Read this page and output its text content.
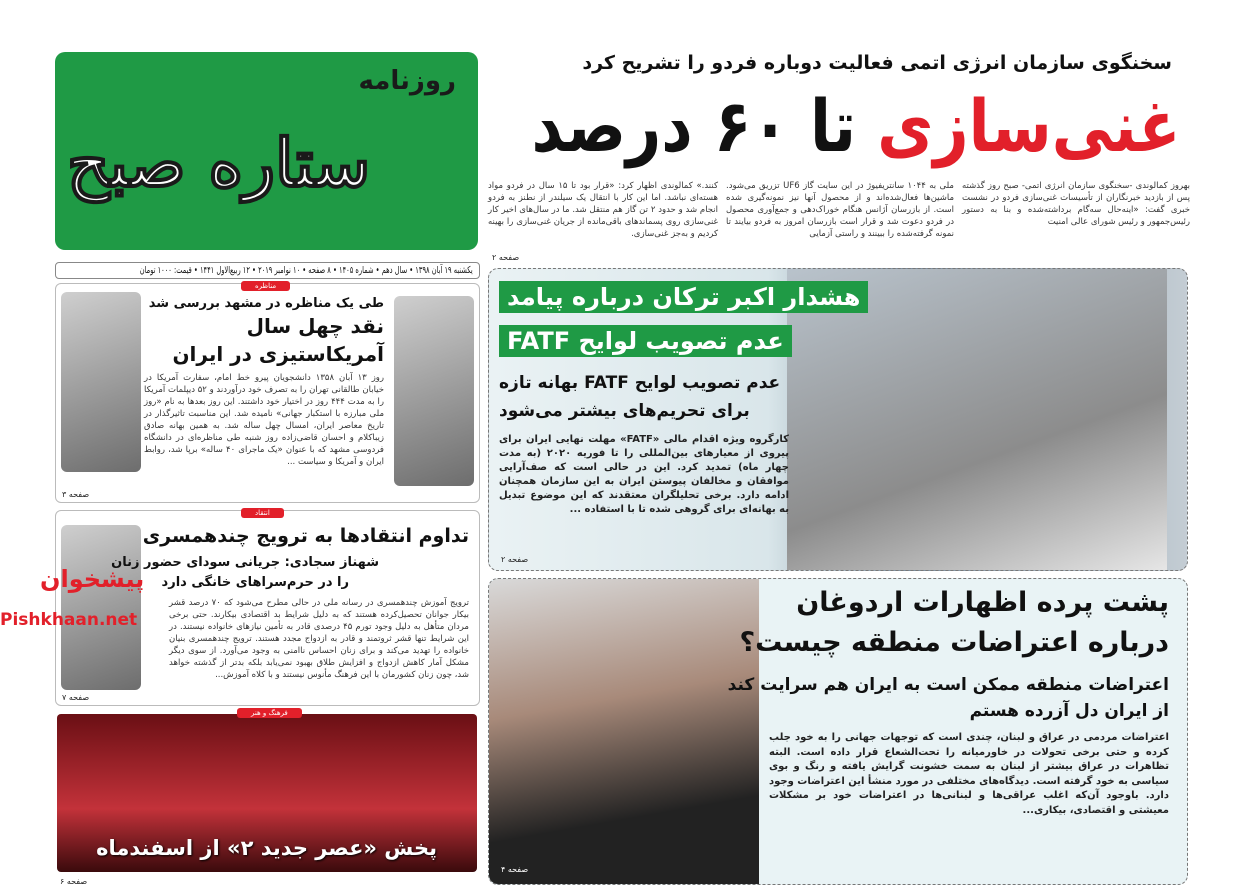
روزنامه
ستاره صبح
سخنگوی سازمان انرژی اتمی فعالیت دوباره فردو را تشریح کرد
غنی‌سازی تا ۶۰ درصد
بهروز کمالوندی -سخنگوی سازمان انرژی اتمی- صبح روز گذشته پس از بازدید خبرنگاران از تأسیسات غنی‌سازی فردو در نشست خبری گفت: «اینه‌حال سه‌گام برداشته‌شده و بنا به دستور رئیس‌جمهور و رئیس شورای عالی امنیت
ملی به ۱۰۴۴ سانتریفیوژ در این سایت گاز UF6 تزریق می‌شود. ماشین‌ها فعال‌شده‌اند و از محصول آنها نیز نمونه‌گیری شده است. از بازرسان آژانس هنگام خوراک‌دهی و جمع‌آوری محصول در فردو دعوت شد و قرار است بازرسان امروز به فردو بیایند تا نمونه گرفته‌شده را ببینند و راستی آزمایی
کنند.» کمالوندی اظهار کرد: «قرار بود تا ۱۵ سال در فردو مواد هسته‌ای نباشد. اما این کار با انتقال یک سیلندر از نطنز به فردو انجام شد و حدود ۲ تن گاز هم منتقل شد. ما در سال‌های اخیر کار غنی‌سازی روی پسماندهای باقی‌مانده از جریان غنی‌سازی را بهینه کردیم و به‌جز غنی‌سازی.
صفحه ۲
یکشنبه ۱۹ آبان ۱۳۹۸ • سال دهم • شماره ۱۴۰۵ • ۸ صفحه • ۱۰ نوامبر ۲۰۱۹ • ۱۲ ربیع‌الاول ۱۴۴۱ • قیمت: ۱۰۰۰ تومان
مناظره
طی یک مناظره در مشهد بررسی شد
نقد چهل سال
آمریکاستیزی در ایران
روز ۱۳ آبان ۱۳۵۸ دانشجویان پیرو خط امام، سفارت آمریکا در خیابان طالقانی تهران را به تصرف خود درآوردند و ۵۲ دیپلمات آمریکا را به مدت ۴۴۴ روز در اختیار خود داشتند. این روز بعدها به نام «روز ملی مبارزه با استکبار جهانی» نامیده شد. این مناسبت تاثیرگذار در تاریخ معاصر ایران، امسال چهل ساله شد. به همین بهانه صادق زیباکلام و احسان قاضی‌زاده روز شنبه طی مناظره‌ای در دانشگاه فردوسی مشهد که با عنوان «یک ماجرای ۴۰ ساله» برپا شد، روابط ایران و آمریکا و سیاست ...
صفحه ۳
انتقاد
تداوم انتقادها به ترویج چندهمسری
شهناز سجادی: جریانی سودای حضور زنان
را در حرم‌سراهای خانگی دارد
ترویج آموزش چندهمسری در رسانه ملی در حالی مطرح می‌شود که ۷۰ درصد قشر بیکار جوانان تحصیل‌کرده هستند که به دلیل شرایط بد اقتصادی بیکارند. حتی برخی مردان متأهل به دلیل وجود تورم ۴۵ درصدی قادر به تأمین نیازهای خانواده نیستند. در این شرایط تنها قشر ثروتمند و قادر به ازدواج مجدد هستند. ترویج چندهمسری بنیان خانواده را تهدید می‌کند و برای زنان احساس ناامنی به وجود می‌آورد. از سوی دیگر مشکل آمار کاهش ازدواج و افزایش طلاق بهبود نمی‌یابد بلکه بدتر از گذشته خواهد شد، چون زنان کشورمان با این فرهنگ مأنوس نیستند و با کلاه آموزش...
صفحه ۷
پیشخوان
Pishkhaan.net
فرهنگ و هنر
پخش «عصر جدید ۲» از اسفندماه
صفحه ۶
هشدار اکبر ترکان درباره پیامد
عدم تصویب لوایح FATF
عدم تصویب لوایح FATF بهانه تازه
برای تحریم‌های بیشتر می‌شود
کارگروه ویژه اقدام مالی «FATF» مهلت نهایی ایران برای پیروی از معیارهای بین‌المللی را تا فوریه ۲۰۲۰ (به مدت چهار ماه) تمدید کرد. این در حالی است که صف‌آرایی موافقان و مخالفان پیوستن ایران به این سازمان همچنان ادامه دارد. برخی تحلیلگران معتقدند که این موضوع تبدیل به بهانه‌ای برای گروهی شده تا با استفاده ...
صفحه ۲
پشت پرده اظهارات اردوغان
درباره اعتراضات منطقه چیست؟
اعتراضات منطقه ممکن است به ایران هم سرایت کند
از ایران دل آزرده هستم
اعتراضات مردمی در عراق و لبنان، چندی است که توجهات جهانی را به خود جلب کرده و حتی برخی تحولات در خاورمیانه را تحت‌الشعاع قرار داده است. البته تظاهرات در عراق بیشتر از لبنان به سمت خشونت گرایش یافته و رنگ و بوی سیاسی به خود گرفته است. دیدگاه‌های مختلفی در مورد منشأ این اعتراضات وجود دارد. باوجود آن‌که اغلب عراقی‌ها و لبنانی‌ها در اعتراضات خود بر مشکلات معیشتی و اقتصادی، بیکاری...
صفحه ۴
